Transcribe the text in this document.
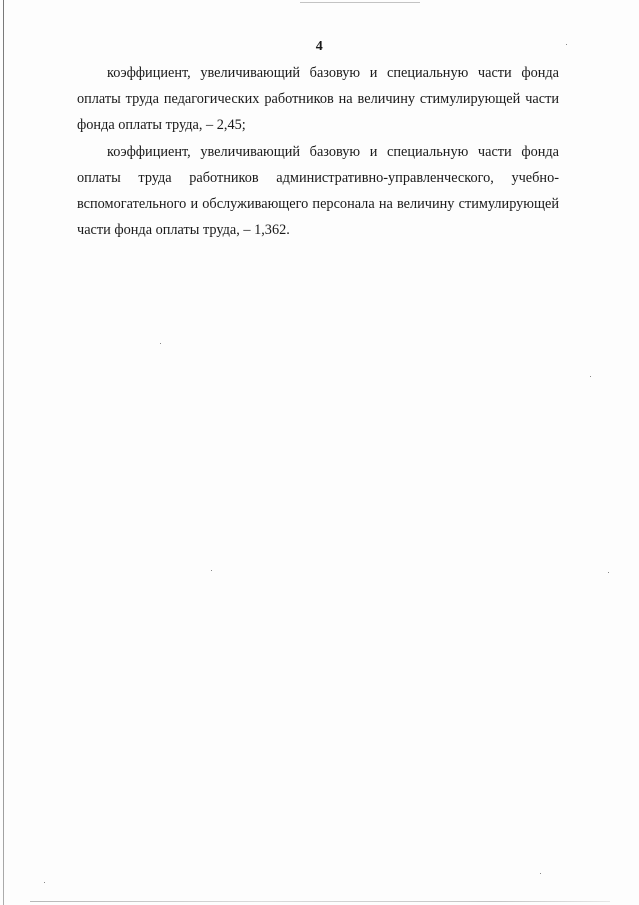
4

коэффициент, увеличивающий базовую и специальную части фонда оплаты труда педагогических работников на величину стимулирующей части фонда оплаты труда, – 2,45;

коэффициент, увеличивающий базовую и специальную части фонда оплаты труда работников административно-управленческого, учебно-вспомогательного и обслуживающего персонала на величину стимулирующей части фонда оплаты труда, – 1,362.
